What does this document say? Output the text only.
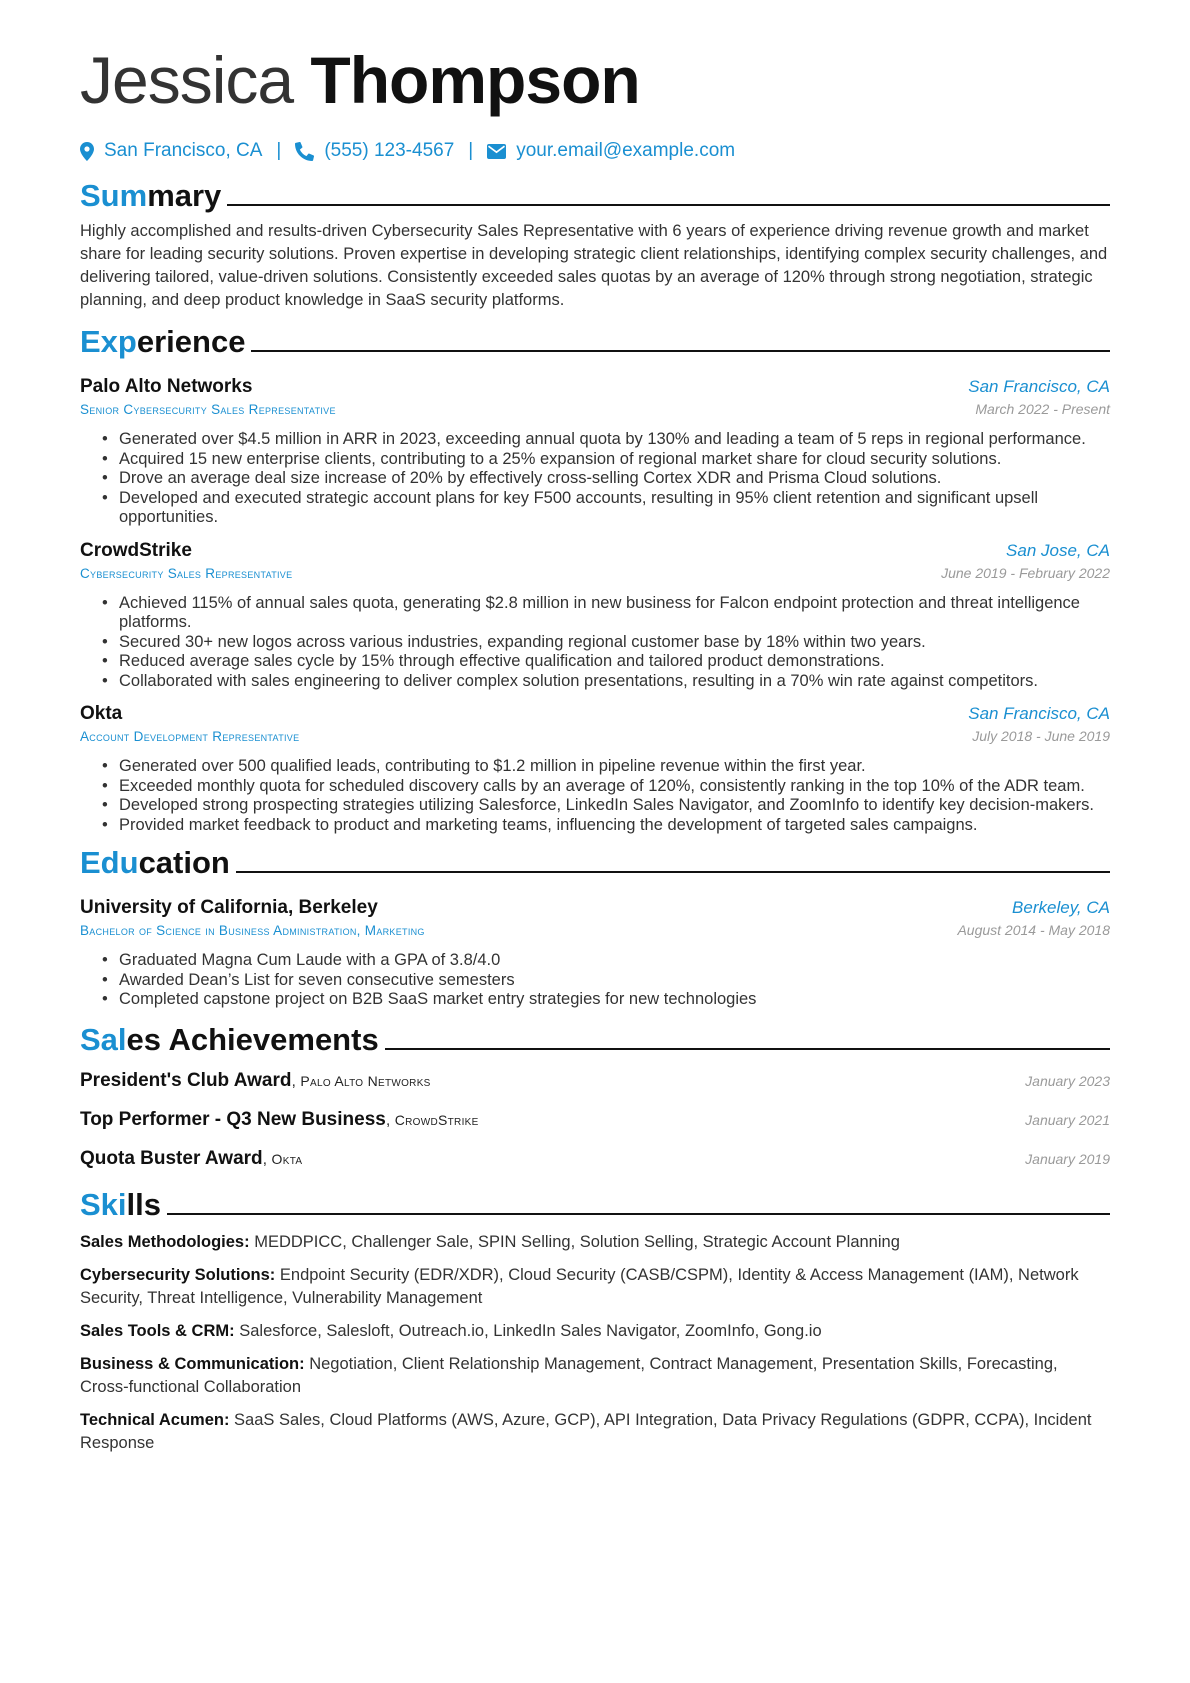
Jessica Thompson
San Francisco, CA | (555) 123-4567 | your.email@example.com
Sum mary
Highly accomplished and results-driven Cybersecurity Sales Representative with 6 years of experience driving revenue growth and market share for leading security solutions. Proven expertise in developing strategic client relationships, identifying complex security challenges, and delivering tailored, value-driven solutions. Consistently exceeded sales quotas by an average of 120% through strong negotiation, strategic planning, and deep product knowledge in SaaS security platforms.
Exp erience
Palo Alto Networks	San Francisco, CA
Senior Cybersecurity Sales Representative	March 2022 - Present
• Generated over $4.5 million in ARR in 2023, exceeding annual quota by 130% and leading a team of 5 reps in regional performance.
• Acquired 15 new enterprise clients, contributing to a 25% expansion of regional market share for cloud security solutions.
• Drove an average deal size increase of 20% by effectively cross-selling Cortex XDR and Prisma Cloud solutions.
• Developed and executed strategic account plans for key F500 accounts, resulting in 95% client retention and significant upsell opportunities.
CrowdStrike	San Jose, CA
Cybersecurity Sales Representative	June 2019 - February 2022
• Achieved 115% of annual sales quota, generating $2.8 million in new business for Falcon endpoint protection and threat intelligence platforms.
• Secured 30+ new logos across various industries, expanding regional customer base by 18% within two years.
• Reduced average sales cycle by 15% through effective qualification and tailored product demonstrations.
• Collaborated with sales engineering to deliver complex solution presentations, resulting in a 70% win rate against competitors.
Okta	San Francisco, CA
Account Development Representative	July 2018 - June 2019
• Generated over 500 qualified leads, contributing to $1.2 million in pipeline revenue within the first year.
• Exceeded monthly quota for scheduled discovery calls by an average of 120%, consistently ranking in the top 10% of the ADR team.
• Developed strong prospecting strategies utilizing Salesforce, LinkedIn Sales Navigator, and ZoomInfo to identify key decision-makers.
• Provided market feedback to product and marketing teams, influencing the development of targeted sales campaigns.
Edu cation
University of California, Berkeley	Berkeley, CA
Bachelor of Science in Business Administration, Marketing	August 2014 - May 2018
• Graduated Magna Cum Laude with a GPA of 3.8/4.0
• Awarded Dean’s List for seven consecutive semesters
• Completed capstone project on B2B SaaS market entry strategies for new technologies
Sal es Achievements
President's Club Award, Palo Alto Networks	January 2023
Top Performer - Q3 New Business, CrowdStrike	January 2021
Quota Buster Award, Okta	January 2019
Ski lls
Sales Methodologies: MEDDPICC, Challenger Sale, SPIN Selling, Solution Selling, Strategic Account Planning
Cybersecurity Solutions: Endpoint Security (EDR/XDR), Cloud Security (CASB/CSPM), Identity & Access Management (IAM), Network Security, Threat Intelligence, Vulnerability Management
Sales Tools & CRM: Salesforce, Salesloft, Outreach.io, LinkedIn Sales Navigator, ZoomInfo, Gong.io
Business & Communication: Negotiation, Client Relationship Management, Contract Management, Presentation Skills, Forecasting, Cross-functional Collaboration
Technical Acumen: SaaS Sales, Cloud Platforms (AWS, Azure, GCP), API Integration, Data Privacy Regulations (GDPR, CCPA), Incident Response
